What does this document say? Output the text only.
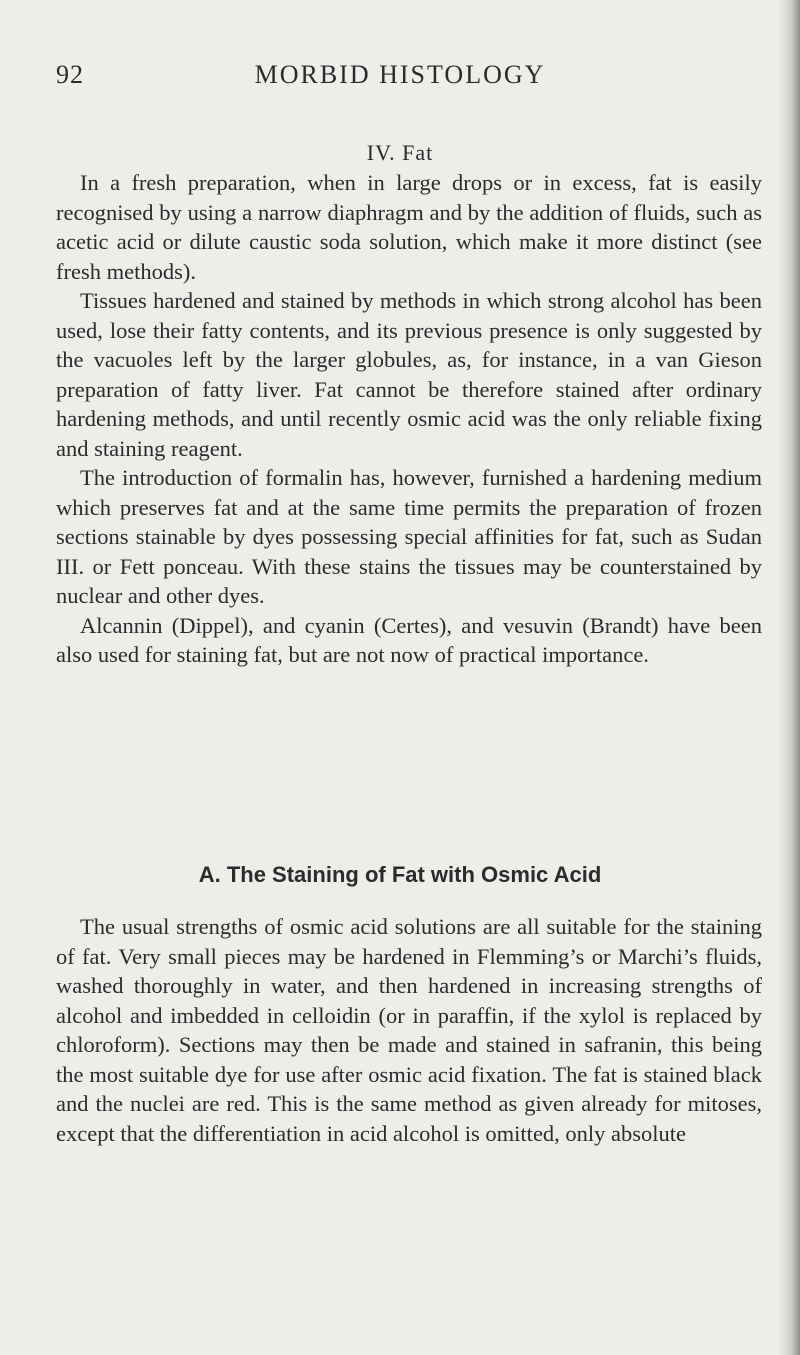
92	MORBID HISTOLOGY
IV. Fat

In a fresh preparation, when in large drops or in excess, fat is easily recognised by using a narrow diaphragm and by the addition of fluids, such as acetic acid or dilute caustic soda solution, which make it more distinct (see fresh methods).

Tissues hardened and stained by methods in which strong alcohol has been used, lose their fatty contents, and its previous presence is only suggested by the vacuoles left by the larger globules, as, for instance, in a van Gieson preparation of fatty liver. Fat cannot be therefore stained after ordinary hardening methods, and until recently osmic acid was the only reliable fixing and staining reagent.

The introduction of formalin has, however, furnished a hardening medium which preserves fat and at the same time permits the preparation of frozen sections stainable by dyes possessing special affinities for fat, such as Sudan III. or Fett ponceau. With these stains the tissues may be counterstained by nuclear and other dyes.

Alcannin (Dippel), and cyanin (Certes), and vesuvin (Brandt) have been also used for staining fat, but are not now of practical importance.

A. The Staining of Fat with Osmic Acid

The usual strengths of osmic acid solutions are all suitable for the staining of fat. Very small pieces may be hardened in Flemming’s or Marchi’s fluids, washed thoroughly in water, and then hardened in increasing strengths of alcohol and imbedded in celloidin (or in paraffin, if the xylol is replaced by chloroform). Sections may then be made and stained in safranin, this being the most suitable dye for use after osmic acid fixation. The fat is stained black and the nuclei are red. This is the same method as given already for mitoses, except that the differentiation in acid alcohol is omitted, only absolute
